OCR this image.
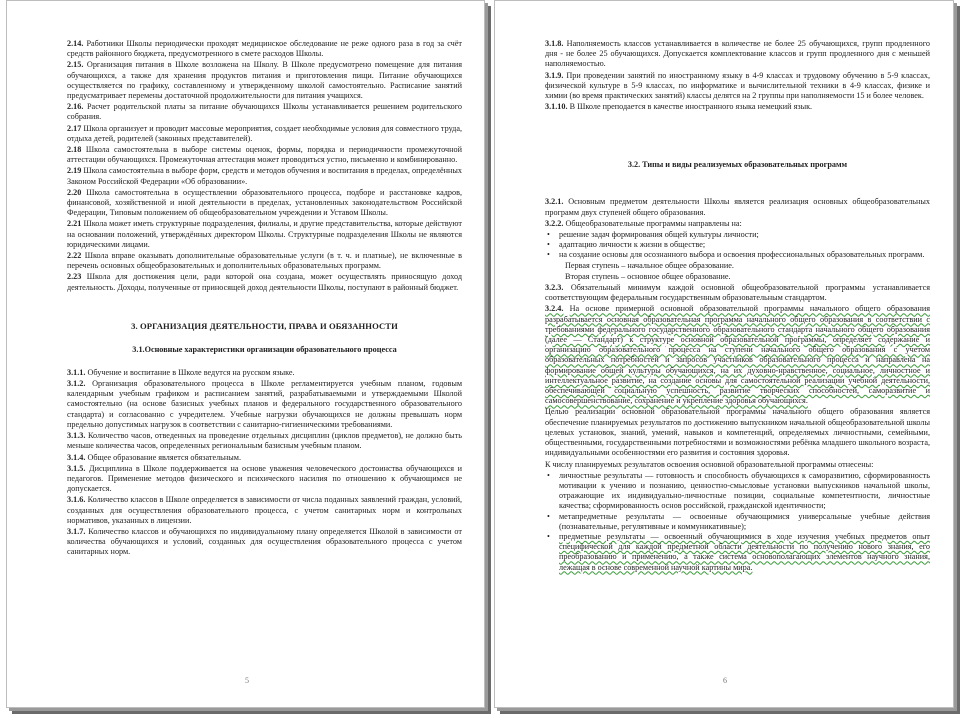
2.14. Работники Школы периодически проходят медицинское обследование не реже одного раза в год за счёт средств районного бюджета, предусмотренного в смете расходов Школы.

2.15. Организация питания в Школе возложена на Школу. В Школе предусмотрено помещение для питания обучающихся, а также для хранения продуктов питания и приготовления пищи. Питание обучающихся осуществляется по графику, составленному и утвержденному школой самостоятельно. Расписание занятий предусматривает перемены достаточной продолжительности для питания учащихся.

2.16. Расчет родительской платы за питание обучающихся Школы устанавливается решением родительского собрания.

2.17 Школа организует и проводит массовые мероприятия, создает необходимые условия для совместного труда, отдыха детей, родителей (законных представителей).

2.18 Школа самостоятельна в выборе системы оценок, формы, порядка и периодичности промежуточной аттестации обучающихся. Промежуточная аттестация может проводиться устно, письменно и комбинированно.

2.19 Школа самостоятельна в выборе форм, средств и методов обучения и воспитания в пределах, определённых Законом Российской Федерации «Об образовании».

2.20 Школа самостоятельна в осуществлении образовательного процесса, подборе и расстановке кадров, финансовой, хозяйственной и иной деятельности в пределах, установленных законодательством Российской Федерации, Типовым положением об общеобразовательном учреждении и Уставом Школы.

2.21 Школа может иметь структурные подразделения, филиалы, и другие представительства, которые действуют на основании положений, утверждённых директором Школы. Структурные подразделения Школы не являются юридическими лицами.

2.22 Школа вправе оказывать дополнительные образовательные услуги (в т. ч. и платные), не включенные в перечень основных общеобразовательных и дополнительных образовательных программ.

2.23 Школа для достижения цели, ради которой она создана, может осуществлять приносящую доход деятельность. Доходы, полученные от приносящей доход деятельности Школы, поступают в районный бюджет.

3. ОРГАНИЗАЦИЯ ДЕЯТЕЛЬНОСТИ, ПРАВА И ОБЯЗАННОСТИ
3.1.Основные характеристики организации образовательного процесса

3.1.1. Обучение и воспитание в Школе ведутся на русском языке.

3.1.2. Организация образовательного процесса в Школе регламентируется учебным планом, годовым календарным учебным графиком и расписанием занятий, разрабатываемыми и утверждаемыми Школой самостоятельно (на основе базисных учебных планов и федерального государственного образовательного стандарта) и согласованно с учредителем. Учебные нагрузки обучающихся не должны превышать норм предельно допустимых нагрузок в соответствии с санитарно-гигиеническими требованиями.

3.1.3. Количество часов, отведенных на проведение отдельных дисциплин (циклов предметов), не должно быть меньше количества часов, определенных региональным базисным учебным планом.

3.1.4. Общее образование является обязательным.

3.1.5. Дисциплина в Школе поддерживается на основе уважения человеческого достоинства обучающихся и педагогов. Применение методов физического и психического насилия по отношению к обучающимся не допускается.

3.1.6. Количество классов в Школе определяется в зависимости от числа поданных заявлений граждан, условий, созданных для осуществления образовательного процесса, с учетом санитарных норм и контрольных нормативов, указанных в лицензии.

3.1.7. Количество классов и обучающихся по индивидуальному плану определяется Школой в зависимости от количества обучающихся и условий, созданных для осуществления образовательного процесса с учетом санитарных норм.

5

3.1.8. Наполняемость классов устанавливается в количестве не более 25 обучающихся, групп продленного дня - не более 25 обучающихся. Допускается комплектование классов и групп продленного дня с меньшей наполняемостью.

3.1.9. При проведении занятий по иностранному языку в 4-9 классах и трудовому обучению в 5-9 классах, физической культуре в 5-9 классах, по информатике и вычислительной техники в 4-9 классах, физике и химии (во время практических занятий) классы делятся на 2 группы при наполняемости 15 и более человек.

3.1.10. В Школе преподается в качестве иностранного языка немецкий язык.

3.2. Типы и виды реализуемых образовательных программ

3.2.1. Основным предметом деятельности Школы является реализация основных общеобразовательных программ двух ступеней общего образования.

3.2.2. Общеобразовательные программы направлены на:

• решение задач формирования общей культуры личности;
• адаптацию личности к жизни в обществе;
• на создание основы для осознанного выбора и освоения профессиональных образовательных программ.

Первая ступень – начальное общее образование.

Вторая ступень – основное общее образование.

3.2.3. Обязательный минимум каждой основной общеобразовательной программы устанавливается соответствующим федеральным государственным образовательным стандартом.

3.2.4. На основе примерной основной образовательной программы начального общего образования разрабатывается основная образовательная программа начального общего образования в соответствии с требованиями федерального государственного образовательного стандарта начального общего образования (далее — Стандарт) к структуре основной образовательной программы, определяет содержание и организацию образовательного процесса на ступени начального общего образования с учетом образовательных потребностей и запросов участников образовательного процесса и направлена на формирование общей культуры обучающихся, на их духовно-нравственное, социальное, личностное и интеллектуальное развитие, на создание основы для самостоятельной реализации учебной деятельности, обеспечивающей социальную успешность, развитие творческих способностей, саморазвитие и самосовершенствование, сохранение и укрепление здоровья обучающихся.

Целью реализации основной образовательной программы начального общего образования является обеспечение планируемых результатов по достижению выпускником начальной общеобразовательной школы целевых установок, знаний, умений, навыков и компетенций, определяемых личностными, семейными, общественными, государственными потребностями и возможностями ребёнка младшего школьного возраста, индивидуальными особенностями его развития и состояния здоровья.

К числу планируемых результатов освоения основной образовательной программы отнесены:

• личностные результаты — готовность и способность обучающихся к саморазвитию, сформированность мотивации к учению и познанию, ценностно-смысловые установки выпускников начальной школы, отражающие их индивидуально-личностные позиции, социальные компетентности, личностные качества; сформированность основ российской, гражданской идентичности;
• метапредметные результаты — освоенные обучающимися универсальные учебные действия (познавательные, регулятивные и коммуникативные);
• предметные результаты — освоенный обучающимися в ходе изучения учебных предметов опыт специфической для каждой предметной области деятельности по получению нового знания, его преобразованию и применению, а также система основополагающих элементов научного знания, лежащая в основе современной научной картины мира.
6
